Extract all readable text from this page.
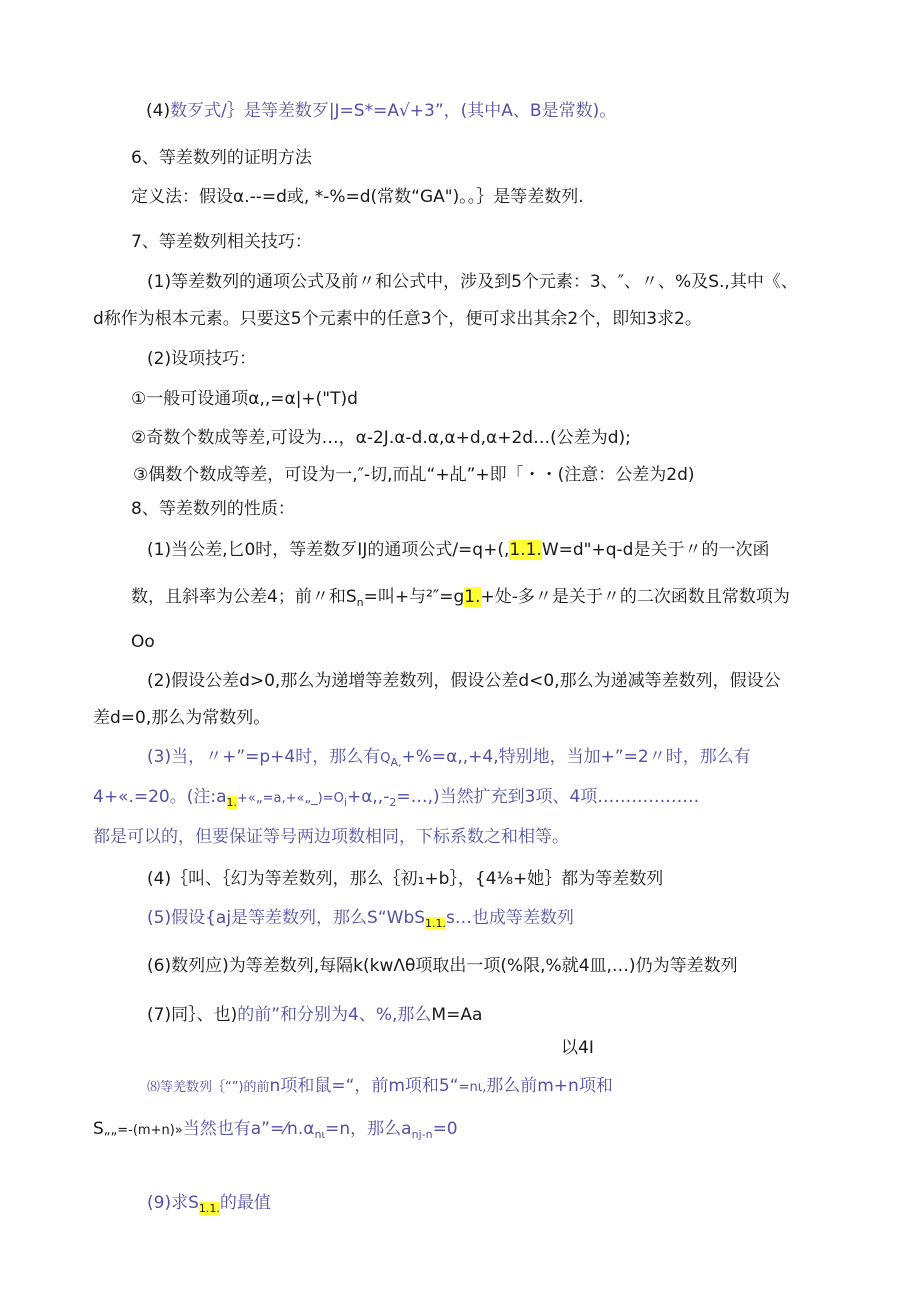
(4)数歹式/｝是等差数歹|J=S*=A√+3”，(其中A、B是常数)。
6、等差数列的证明方法
定义法：假设α.--=d或, *-%=d(常数“GA")。。｝是等差数列.
7、等差数列相关技巧：
(1)等差数列的通项公式及前〃和公式中，涉及到5个元素：3、″、〃、%及S.,其中《、
d称作为根本元素。只要这5个元素中的任意3个，便可求出其余2个，即知3求2。
(2)设项技巧：
①一般可设通项α,,=α|+("T)d
②奇数个数成等差,可设为…，α-2J.α-d.α,α+d,α+2d…(公差为d);
③偶数个数成等差，可设为一,″-切,而乩“+乩”+即「・・(注意：公差为2d)
8、等差数列的性质：
(1)当公差,匕0时，等差数歹IJ的通项公式/=q+(,1.1.W=d"+q-d是关于〃的一次函
数，且斜率为公差4；前〃和$S_n=$叫+与²″=g1.+处-多〃是关于〃的二次函数且常数项为
Oo
(2)假设公差d>0,那么为递增等差数列，假设公差d<0,那么为递减等差数列，假设公
差d=0,那么为常数列。
(3)当，〃+”=p+4时，那么有$Q_{A,}+\%=\alpha,,+4$,特别地，当加+”=2〃时，那么有
4+«.=20。(注$:a_{1.}+«„=a,+«„\_)=O_i+\alpha,,-_2=\dots$,)当然扩充到3项、4项………………
都是可以的，但要保证等号两边项数相同，下标系数之和相等。
(4)｛叫、｛幻为等差数列，那么｛初₁+b｝，{4⅛+她｝都为等差数列
(5)假设{aj是等差数列，那么S“WbS$_{1.1.}$s…也成等差数列
(6)数列应)为等差数列,每隔k(kwΛθ项取出一项(%限,%就4皿,…)仍为等差数列
(7)同｝、也)的前”和分别为4、%,那么M=Aa
以4I
⑻等羌数列｛“”)的前n项和鼠=“，前m项和5“=nι,那么前m+n项和
S„„=-(m+n)»当然也有$a”=⁄n.\alpha_{n\iota}=n$，那么$a_{nj-n}=0$
(9)求$S_{1.1.}$的最值
